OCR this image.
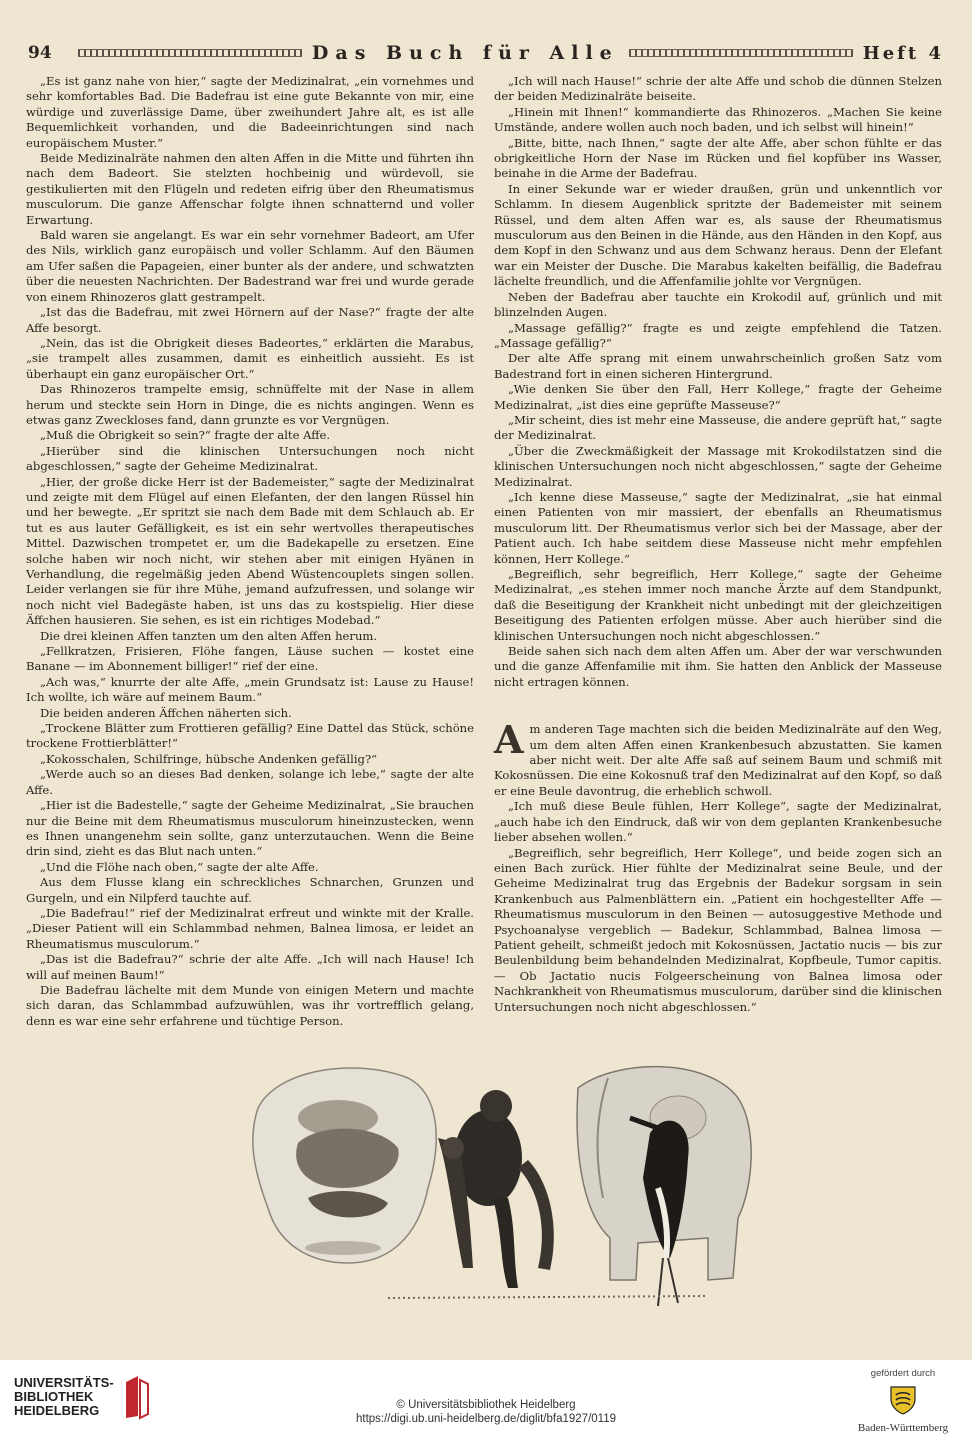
94	Das Buch für Alle	Heft 4

„Es ist ganz nahe von hier,“ sagte der Medizinalrat, „ein vornehmes und sehr komfortables Bad. Die Badefrau ist eine gute Bekannte von mir, eine würdige und zuverlässige Dame, über zweihundert Jahre alt, es ist alle Bequemlichkeit vorhanden, und die Badeeinrichtungen sind nach europäischem Muster.“

Beide Medizinalräte nahmen den alten Affen in die Mitte und führten ihn nach dem Badeort. Sie stelzten hochbeinig und würdevoll, sie gestikulierten mit den Flügeln und redeten eifrig über den Rheumatismus musculorum. Die ganze Affenschar folgte ihnen schnatternd und voller Erwartung.

Bald waren sie angelangt. Es war ein sehr vornehmer Badeort, am Ufer des Nils, wirklich ganz europäisch und voller Schlamm. Auf den Bäumen am Ufer saßen die Papageien, einer bunter als der andere, und schwatzten über die neuesten Nachrichten. Der Badestrand war frei und wurde gerade von einem Rhinozeros glatt gestrampelt.

„Ist das die Badefrau, mit zwei Hörnern auf der Nase?“ fragte der alte Affe besorgt.

„Nein, das ist die Obrigkeit dieses Badeortes,“ erklärten die Marabus, „sie trampelt alles zusammen, damit es einheitlich aussieht. Es ist überhaupt ein ganz europäischer Ort.“

Das Rhinozeros trampelte emsig, schnüffelte mit der Nase in allem herum und steckte sein Horn in Dinge, die es nichts angingen. Wenn es etwas ganz Zweckloses fand, dann grunzte es vor Vergnügen.

„Muß die Obrigkeit so sein?“ fragte der alte Affe.

„Hierüber sind die klinischen Untersuchungen noch nicht abgeschlossen,“ sagte der Geheime Medizinalrat.

„Hier, der große dicke Herr ist der Bademeister,“ sagte der Medizinalrat und zeigte mit dem Flügel auf einen Elefanten, der den langen Rüssel hin und her bewegte. „Er spritzt sie nach dem Bade mit dem Schlauch ab. Er tut es aus lauter Gefälligkeit, es ist ein sehr wertvolles therapeutisches Mittel. Dazwischen trompetet er, um die Badekapelle zu ersetzen. Eine solche haben wir noch nicht, wir stehen aber mit einigen Hyänen in Verhandlung, die regelmäßig jeden Abend Wüstencouplets singen sollen. Leider verlangen sie für ihre Mühe, jemand aufzufressen, und solange wir noch nicht viel Badegäste haben, ist uns das zu kostspielig. Hier diese Äffchen hausieren. Sie sehen, es ist ein richtiges Modebad.“

Die drei kleinen Affen tanzten um den alten Affen herum.

„Fellkratzen, Frisieren, Flöhe fangen, Läuse suchen — kostet eine Banane — im Abonnement billiger!“ rief der eine.

„Ach was,“ knurrte der alte Affe, „mein Grundsatz ist: Lause zu Hause! Ich wollte, ich wäre auf meinem Baum.“

Die beiden anderen Äffchen näherten sich.

„Trockene Blätter zum Frottieren gefällig? Eine Dattel das Stück, schöne trockene Frottierblätter!“

„Kokosschalen, Schilfringe, hübsche Andenken gefällig?“

„Werde auch so an dieses Bad denken, solange ich lebe,“ sagte der alte Affe.

„Hier ist die Badestelle,“ sagte der Geheime Medizinalrat, „Sie brauchen nur die Beine mit dem Rheumatismus musculorum hineinzustecken, wenn es Ihnen unangenehm sein sollte, ganz unterzutauchen. Wenn die Beine drin sind, zieht es das Blut nach unten.“

„Und die Flöhe nach oben,“ sagte der alte Affe.

Aus dem Flusse klang ein schreckliches Schnarchen, Grunzen und Gurgeln, und ein Nilpferd tauchte auf.

„Die Badefrau!“ rief der Medizinalrat erfreut und winkte mit der Kralle. „Dieser Patient will ein Schlammbad nehmen, Balnea limosa, er leidet an Rheumatismus musculorum.“

„Das ist die Badefrau?“ schrie der alte Affe. „Ich will nach Hause! Ich will auf meinen Baum!“

Die Badefrau lächelte mit dem Munde von einigen Metern und machte sich daran, das Schlammbad aufzuwühlen, was ihr vortrefflich gelang, denn es war eine sehr erfahrene und tüchtige Person.

„Ich will nach Hause!“ schrie der alte Affe und schob die dünnen Stelzen der beiden Medizinalräte beiseite.

„Hinein mit Ihnen!“ kommandierte das Rhinozeros. „Machen Sie keine Umstände, andere wollen auch noch baden, und ich selbst will hinein!“

„Bitte, bitte, nach Ihnen,“ sagte der alte Affe, aber schon fühlte er das obrigkeitliche Horn der Nase im Rücken und fiel kopfüber ins Wasser, beinahe in die Arme der Badefrau.

In einer Sekunde war er wieder draußen, grün und unkenntlich vor Schlamm. In diesem Augenblick spritzte der Bademeister mit seinem Rüssel, und dem alten Affen war es, als sause der Rheumatismus musculorum aus den Beinen in die Hände, aus den Händen in den Kopf, aus dem Kopf in den Schwanz und aus dem Schwanz heraus. Denn der Elefant war ein Meister der Dusche. Die Marabus kakelten beifällig, die Badefrau lächelte freundlich, und die Affenfamilie johlte vor Vergnügen.

Neben der Badefrau aber tauchte ein Krokodil auf, grünlich und mit blinzelnden Augen.

„Massage gefällig?“ fragte es und zeigte empfehlend die Tatzen. „Massage gefällig?“

Der alte Affe sprang mit einem unwahrscheinlich großen Satz vom Badestrand fort in einen sicheren Hintergrund.

„Wie denken Sie über den Fall, Herr Kollege,“ fragte der Geheime Medizinalrat, „ist dies eine geprüfte Masseuse?“

„Mir scheint, dies ist mehr eine Masseuse, die andere geprüft hat,“ sagte der Medizinalrat.

„Über die Zweckmäßigkeit der Massage mit Krokodilstatzen sind die klinischen Untersuchungen noch nicht abgeschlossen,“ sagte der Geheime Medizinalrat.

„Ich kenne diese Masseuse,“ sagte der Medizinalrat, „sie hat einmal einen Patienten von mir massiert, der ebenfalls an Rheumatismus musculorum litt. Der Rheumatismus verlor sich bei der Massage, aber der Patient auch. Ich habe seitdem diese Masseuse nicht mehr empfehlen können, Herr Kollege.“

„Begreiflich, sehr begreiflich, Herr Kollege,“ sagte der Geheime Medizinalrat, „es stehen immer noch manche Ärzte auf dem Standpunkt, daß die Beseitigung der Krankheit nicht unbedingt mit der gleichzeitigen Beseitigung des Patienten erfolgen müsse. Aber auch hierüber sind die klinischen Untersuchungen noch nicht abgeschlossen.“

Beide sahen sich nach dem alten Affen um. Aber der war verschwunden und die ganze Affenfamilie mit ihm. Sie hatten den Anblick der Masseuse nicht ertragen können.

Am anderen Tage machten sich die beiden Medizinalräte auf den Weg, um dem alten Affen einen Krankenbesuch abzustatten. Sie kamen aber nicht weit. Der alte Affe saß auf seinem Baum und schmiß mit Kokosnüssen. Die eine Kokosnuß traf den Medizinalrat auf den Kopf, so daß er eine Beule davontrug, die erheblich schwoll.

„Ich muß diese Beule fühlen, Herr Kollege“, sagte der Medizinalrat, „auch habe ich den Eindruck, daß wir von dem geplanten Krankenbesuche lieber absehen wollen.“

„Begreiflich, sehr begreiflich, Herr Kollege“, und beide zogen sich an einen Bach zurück. Hier fühlte der Medizinalrat seine Beule, und der Geheime Medizinalrat trug das Ergebnis der Badekur sorgsam in sein Krankenbuch aus Palmenblättern ein. „Patient ein hochgestellter Affe — Rheumatismus musculorum in den Beinen — autosuggestive Methode und Psychoanalyse vergeblich — Badekur, Schlammbad, Balnea limosa — Patient geheilt, schmeißt jedoch mit Kokosnüssen, Jactatio nucis — bis zur Beulenbildung beim behandelnden Medizinalrat, Kopfbeule, Tumor capitis. — Ob Jactatio nucis Folgeerscheinung von Balnea limosa oder Nachkrankheit von Rheumatismus musculorum, darüber sind die klinischen Untersuchungen noch nicht abgeschlossen.“

UNIVERSITÄTS-
BIBLIOTHEK
HEIDELBERG	© Universitätsbibliothek Heidelberg
https://digi.ub.uni-heidelberg.de/diglit/bfa1927/0119
gefördert durch
Baden-Württemberg
